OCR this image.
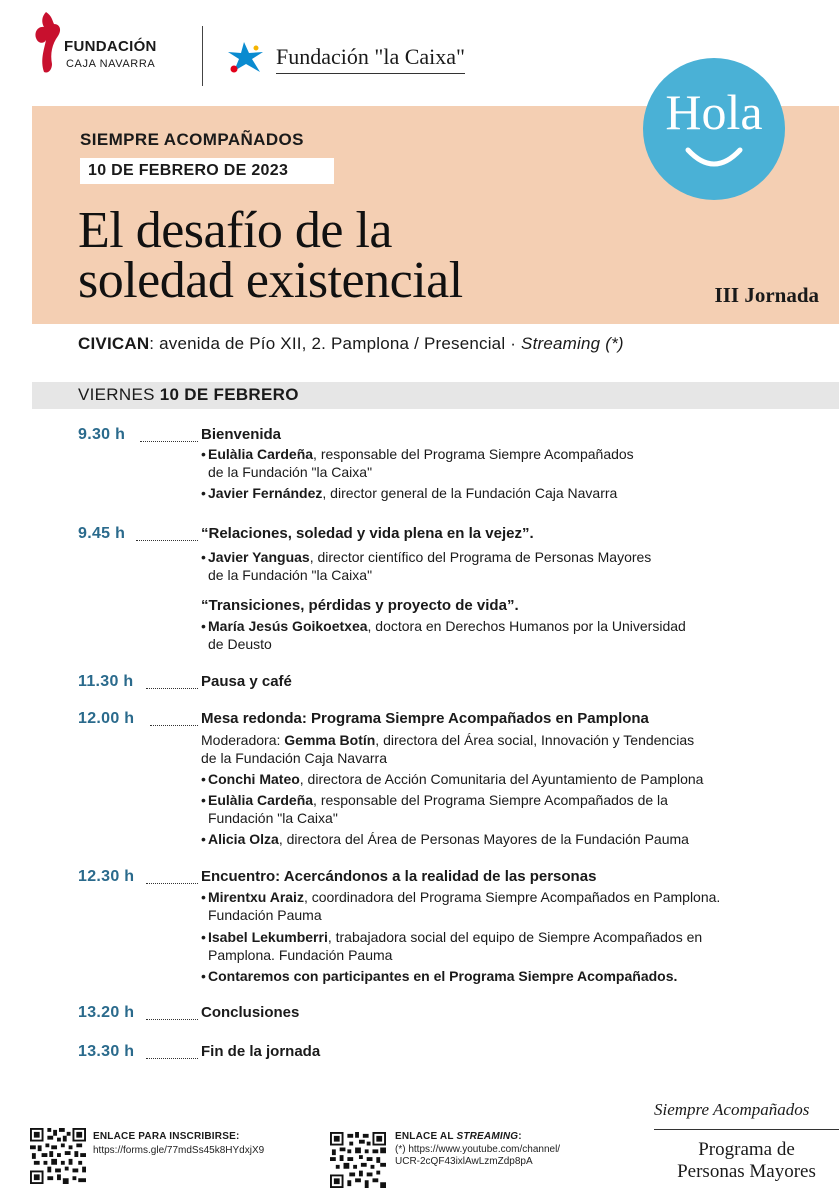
FUNDACIÓN
CAJA NAVARRA	Fundación "la Caixa"
SIEMPRE ACOMPAÑADOS
10 DE FEBRERO DE 2023
El desafío de la
soledad existencial	III Jornada
Hola
CIVICAN: avenida de Pío XII, 2. Pamplona / Presencial · Streaming (*)
VIERNES 10 DE FEBRERO
9.30 h	Bienvenida
• Eulàlia Cardeña, responsable del Programa Siempre Acompañados
de la Fundación "la Caixa"
• Javier Fernández, director general de la Fundación Caja Navarra
9.45 h	“Relaciones, soledad y vida plena en la vejez”.
• Javier Yanguas, director científico del Programa de Personas Mayores
de la Fundación "la Caixa"
“Transiciones, pérdidas y proyecto de vida”.
• María Jesús Goikoetxea, doctora en Derechos Humanos por la Universidad
de Deusto
11.30 h	Pausa y café
12.00 h	Mesa redonda: Programa Siempre Acompañados en Pamplona
Moderadora: Gemma Botín, directora del Área social, Innovación y Tendencias
de la Fundación Caja Navarra
• Conchi Mateo, directora de Acción Comunitaria del Ayuntamiento de Pamplona
• Eulàlia Cardeña, responsable del Programa Siempre Acompañados de la
Fundación "la Caixa"
• Alicia Olza, directora del Área de Personas Mayores de la Fundación Pauma
12.30 h	Encuentro: Acercándonos a la realidad de las personas
• Mirentxu Araiz, coordinadora del Programa Siempre Acompañados en Pamplona.
Fundación Pauma
• Isabel Lekumberri, trabajadora social del equipo de Siempre Acompañados en
Pamplona. Fundación Pauma
• Contaremos con participantes en el Programa Siempre Acompañados.
13.20 h	Conclusiones
13.30 h	Fin de la jornada
ENLACE PARA INSCRIBIRSE:
https://forms.gle/77mdSs45k8HYdxjX9
ENLACE AL STREAMING:
(*) https://www.youtube.com/channel/
UCR-2cQF43ixlAwLzmZdp8pA
Siempre Acompañados
Programa de
Personas Mayores
